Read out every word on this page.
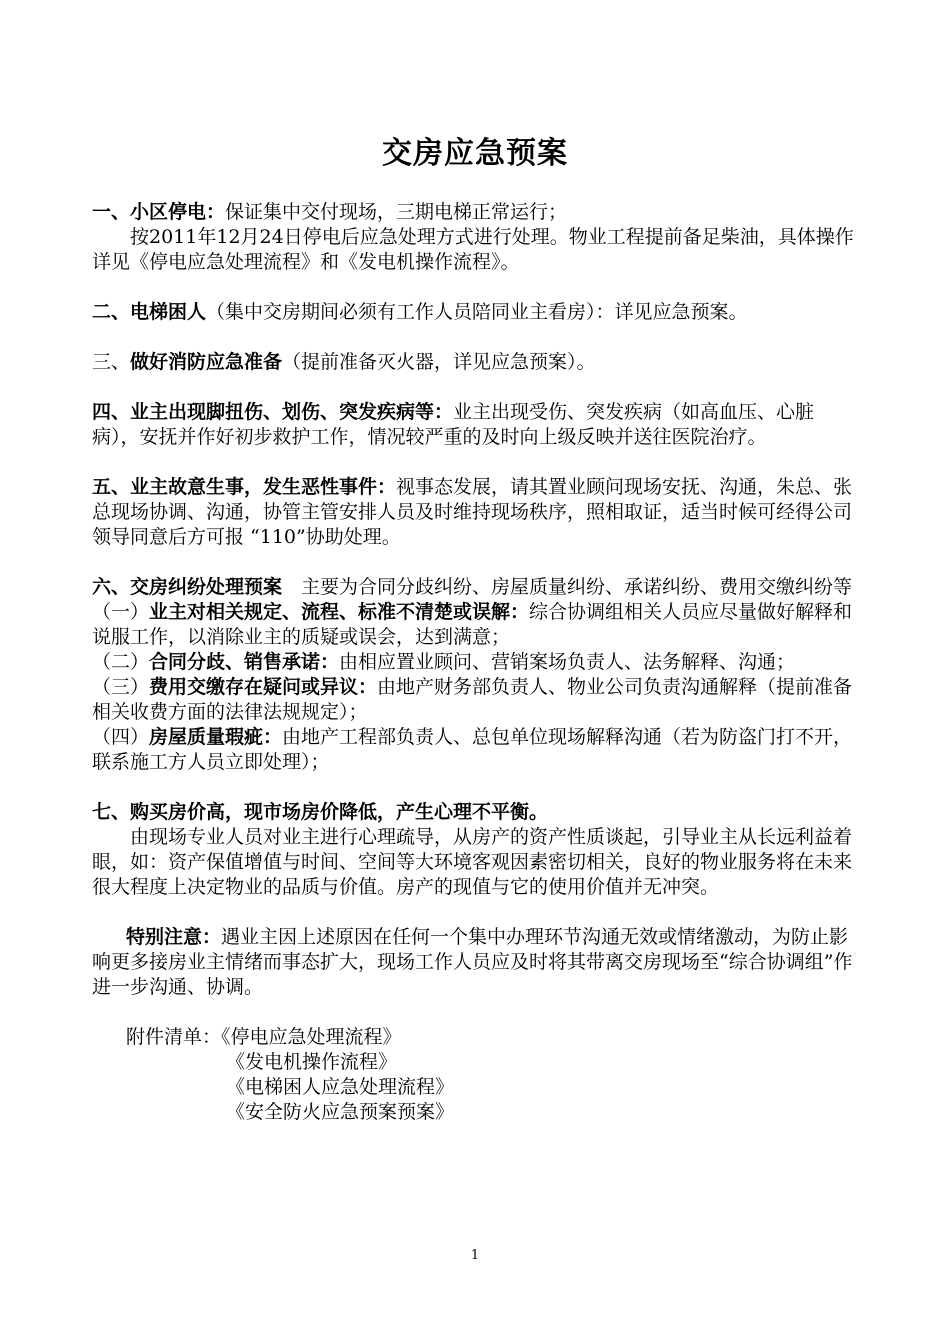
交房应急预案

一、小区停电：保证集中交付现场，三期电梯正常运行；

按2011年12月24日停电后应急处理方式进行处理。物业工程提前备足柴油，具体操作详见《停电应急处理流程》和《发电机操作流程》。

二、电梯困人（集中交房期间必须有工作人员陪同业主看房）：详见应急预案。

三、做好消防应急准备（提前准备灭火器，详见应急预案）。

四、业主出现脚扭伤、划伤、突发疾病等：业主出现受伤、突发疾病（如高血压、心脏病），安抚并作好初步救护工作，情况较严重的及时向上级反映并送往医院治疗。

五、业主故意生事，发生恶性事件：视事态发展，请其置业顾问现场安抚、沟通，朱总、张总现场协调、沟通，协管主管安排人员及时维持现场秩序，照相取证，适当时候可经得公司领导同意后方可报 “110”协助处理。

六、交房纠纷处理预案　主要为合同分歧纠纷、房屋质量纠纷、承诺纠纷、费用交缴纠纷等

（一）业主对相关规定、流程、标准不清楚或误解：综合协调组相关人员应尽量做好解释和说服工作，以消除业主的质疑或误会，达到满意；

（二）合同分歧、销售承诺：由相应置业顾问、营销案场负责人、法务解释、沟通；

（三）费用交缴存在疑问或异议：由地产财务部负责人、物业公司负责沟通解释（提前准备相关收费方面的法律法规规定）；

（四）房屋质量瑕疵：由地产工程部负责人、总包单位现场解释沟通（若为防盗门打不开，联系施工方人员立即处理）；

七、购买房价高，现市场房价降低，产生心理不平衡。

由现场专业人员对业主进行心理疏导，从房产的资产性质谈起，引导业主从长远利益着眼，如：资产保值增值与时间、空间等大环境客观因素密切相关，良好的物业服务将在未来很大程度上决定物业的品质与价值。房产的现值与它的使用价值并无冲突。

特别注意：遇业主因上述原因在任何一个集中办理环节沟通无效或情绪激动，为防止影响更多接房业主情绪而事态扩大，现场工作人员应及时将其带离交房现场至“综合协调组”作进一步沟通、协调。

附件清单：《停电应急处理流程》

《发电机操作流程》

《电梯困人应急处理流程》

《安全防火应急预案预案》

1
